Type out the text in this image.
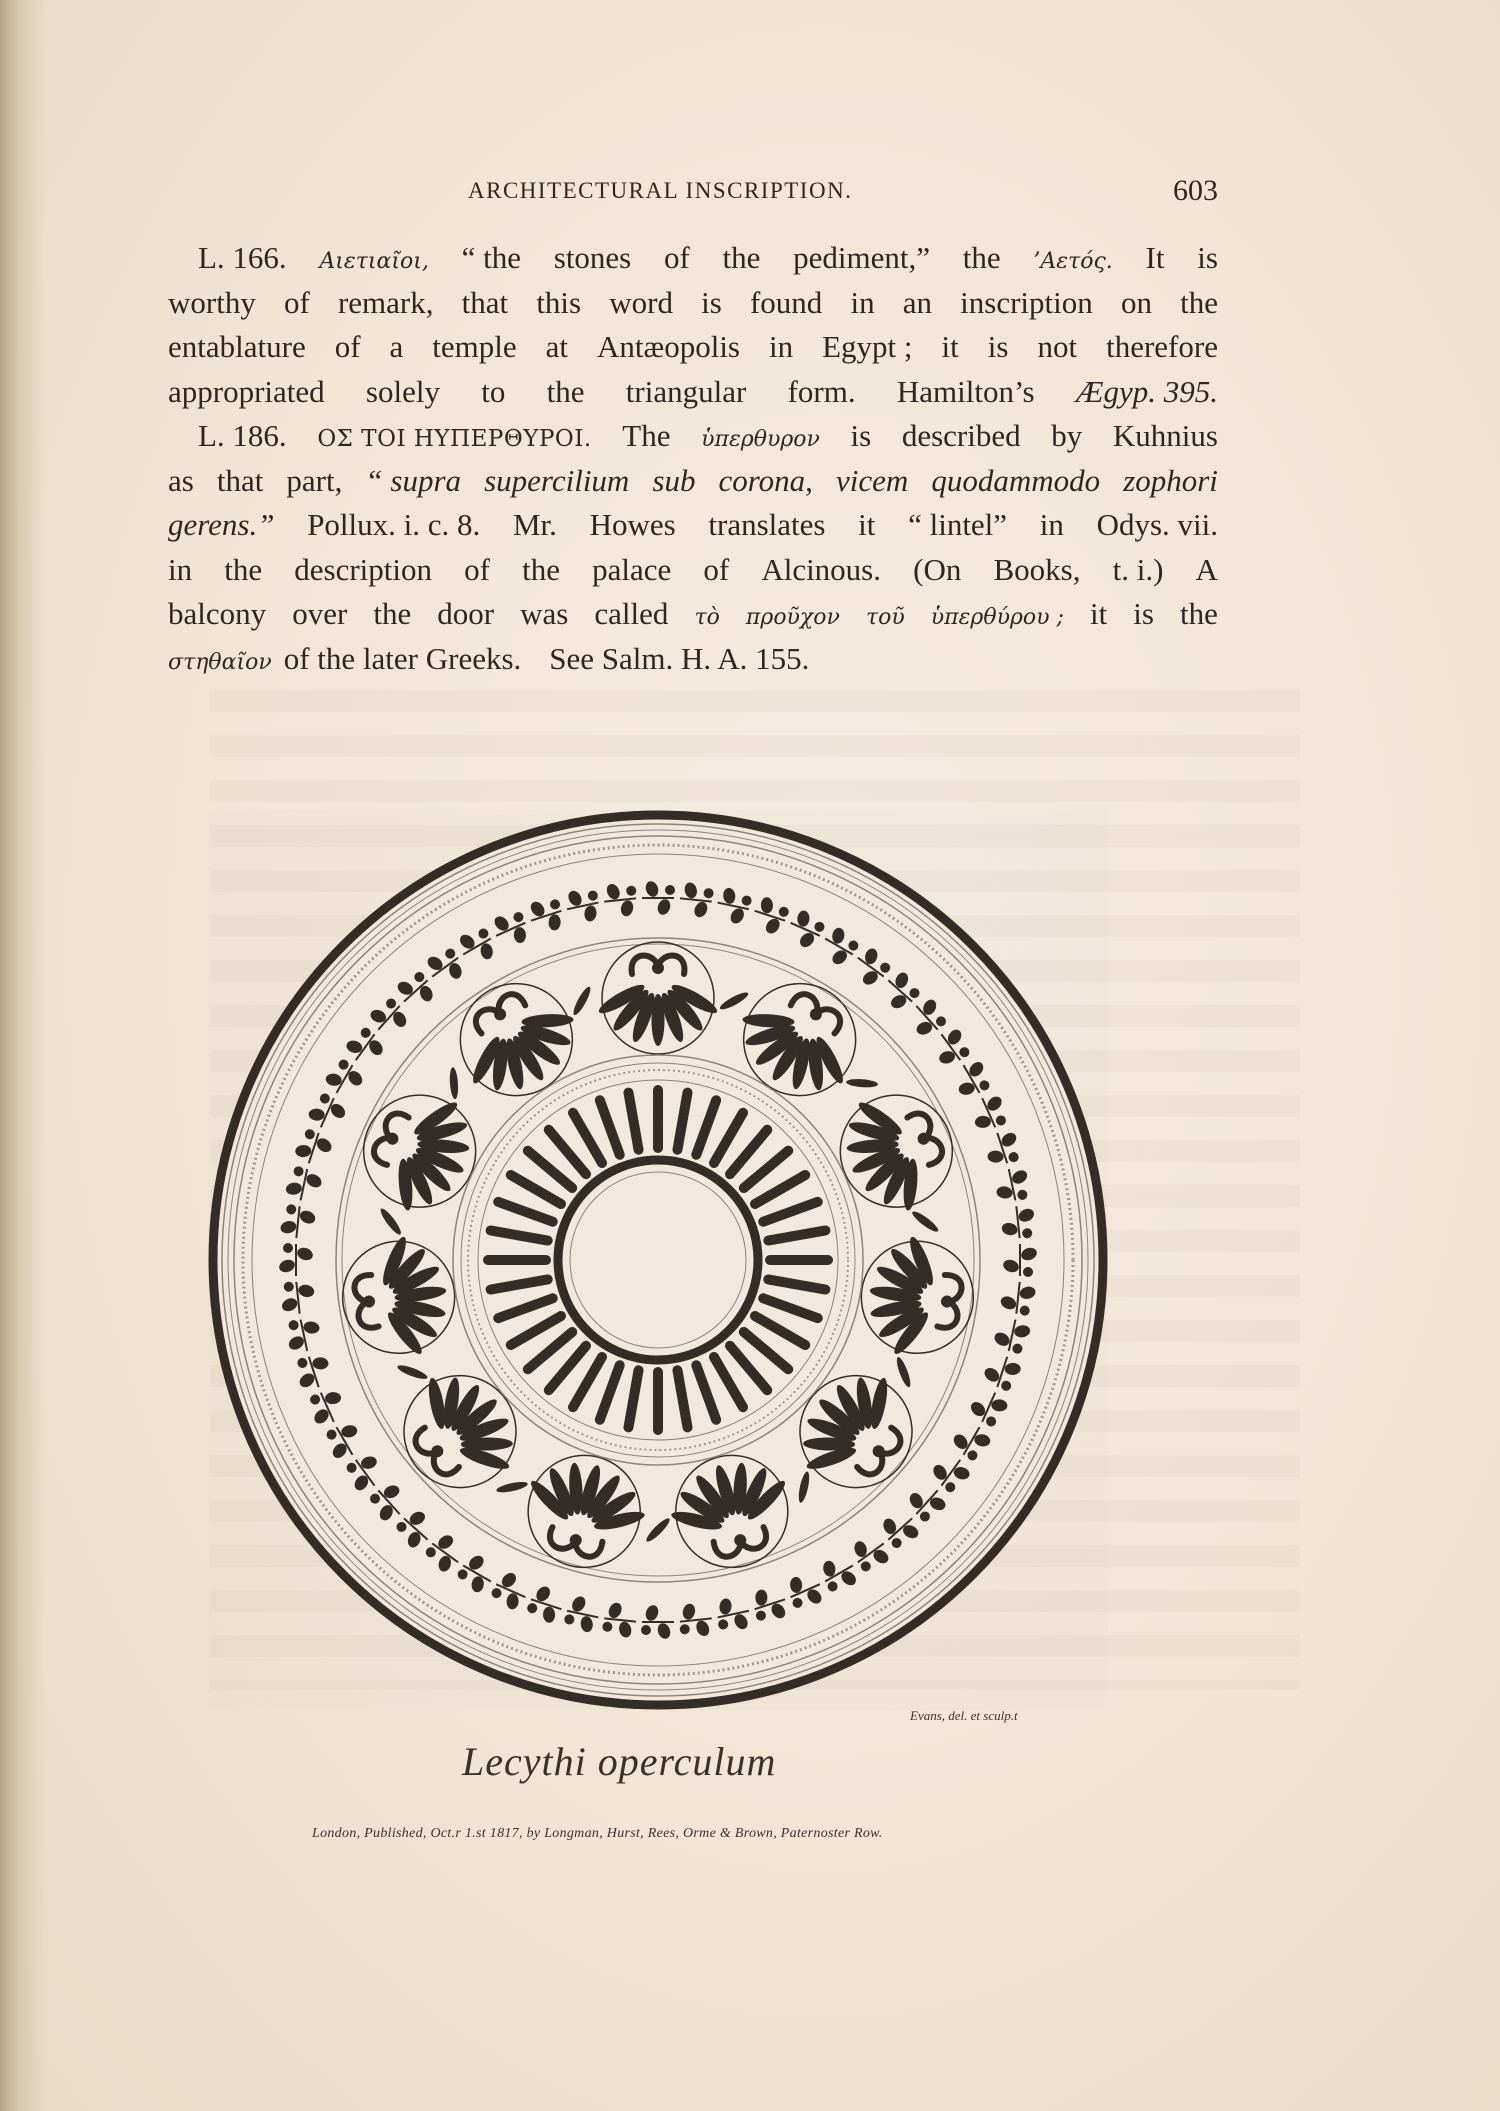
ARCHITECTURAL INSCRIPTION.	603
L. 166. Αιετιαῖοι, “ the stones of the pediment,” the ’Αετός. It is
worthy of remark, that this word is found in an inscription on the
entablature of a temple at Antæopolis in Egypt ; it is not therefore
appropriated solely to the triangular form. Hamilton’s Ægyp. 395.
L. 186. ΟΣ ΤΟΙ ΗΥΠΕΡΘΥΡΟΙ. The ὑπερθυρον is described by Kuhnius
as that part, “ supra supercilium sub corona, vicem quodammodo zophori
gerens.” Pollux. i. c. 8. Mr. Howes translates it “ lintel” in Odys. vii.
in the description of the palace of Alcinous. (On Books, t. i.) A
balcony over the door was called τὸ προῦχον τοῦ ὑπερθύρου ; it is the
στηθαῖον of the later Greeks. See Salm. H. A. 155.
Evans, del. et sculp.t
Lecythi operculum
London, Published, Oct.r 1.st 1817, by Longman, Hurst, Rees, Orme & Brown, Paternoster Row.
